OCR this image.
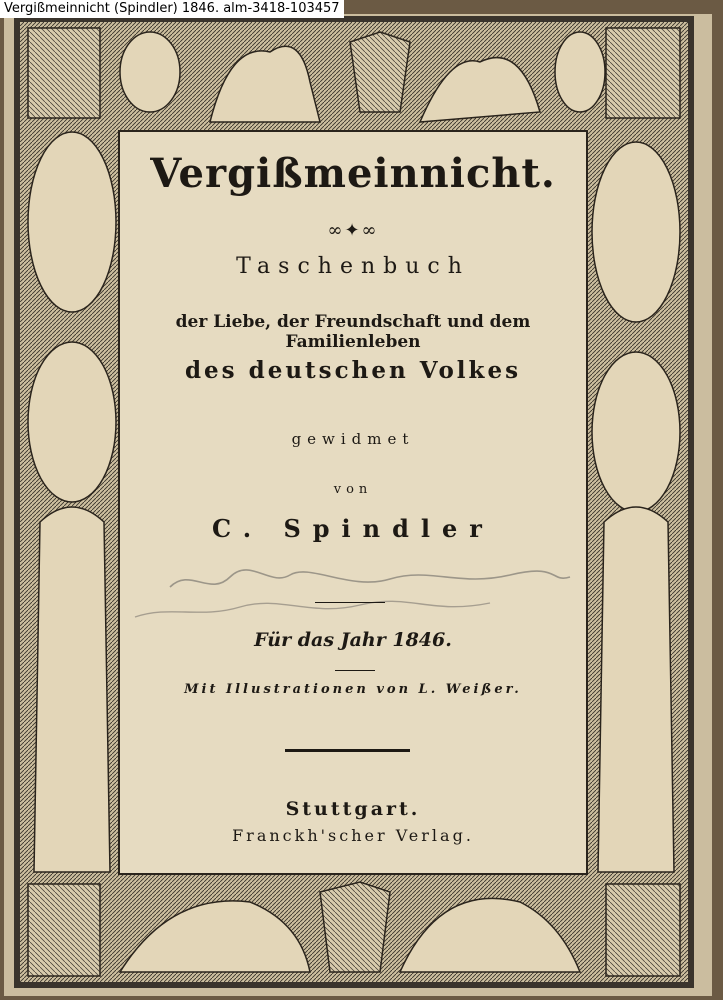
Vergißmeinnicht (Spindler) 1846. alm-3418-103457
Vergißmeinnicht.
∞✦∞
Taschenbuch
der Liebe, der Freundschaft und dem Familienleben
des deutschen Volkes
gewidmet
von
C. Spindler
Für das Jahr 1846.
Mit Illustrationen von L. Weißer.
Stuttgart.
Franckh'scher Verlag.
